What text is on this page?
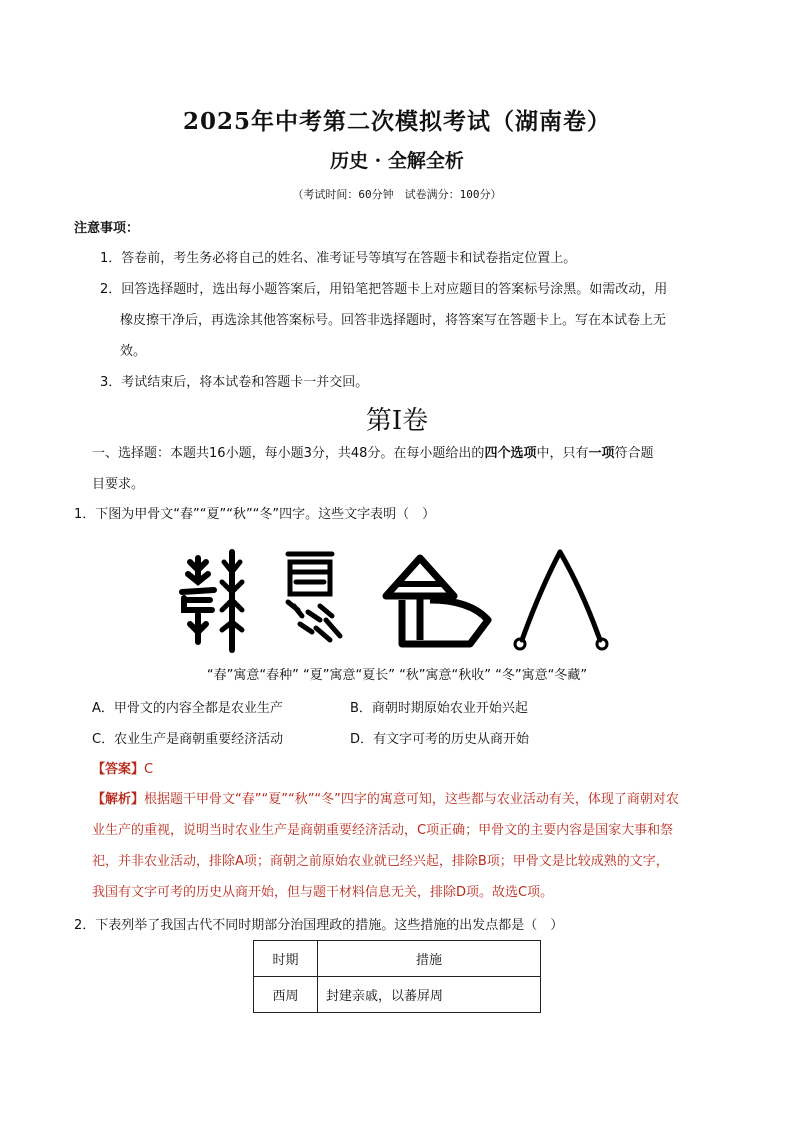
2025年中考第二次模拟考试（湖南卷）
历史 · 全解全析
（考试时间：60分钟　试卷满分：100分）
注意事项：
1．答卷前，考生务必将自己的姓名、准考证号等填写在答题卡和试卷指定位置上。
2．回答选择题时，选出每小题答案后，用铅笔把答题卡上对应题目的答案标号涂黑。如需改动，用
橡皮擦干净后，再选涂其他答案标号。回答非选择题时，将答案写在答题卡上。写在本试卷上无
效。
3．考试结束后，将本试卷和答题卡一并交回。
第Ⅰ卷
一、选择题：本题共16小题，每小题3分，共48分。在每小题给出的四个选项中，只有一项符合题
目要求。
1．下图为甲骨文“春”“夏”“秋”“冬”四字。这些文字表明（　）
“春”寓意“春种” “夏”寓意“夏长” “秋”寓意“秋收” “冬”寓意“冬藏”
A．甲骨文的内容全都是农业生产	B．商朝时期原始农业开始兴起
C．农业生产是商朝重要经济活动	D．有文字可考的历史从商开始
【答案】C
【解析】根据题干甲骨文“春”“夏”“秋”“冬”四字的寓意可知，这些都与农业活动有关，体现了商朝对农
业生产的重视，说明当时农业生产是商朝重要经济活动，C项正确；甲骨文的主要内容是国家大事和祭
祀，并非农业活动，排除A项；商朝之前原始农业就已经兴起，排除B项；甲骨文是比较成熟的文字，
我国有文字可考的历史从商开始，但与题干材料信息无关，排除D项。故选C项。
2．下表列举了我国古代不同时期部分治国理政的措施。这些措施的出发点都是（　）
时期	措施
西周	封建亲戚，以蕃屏周
